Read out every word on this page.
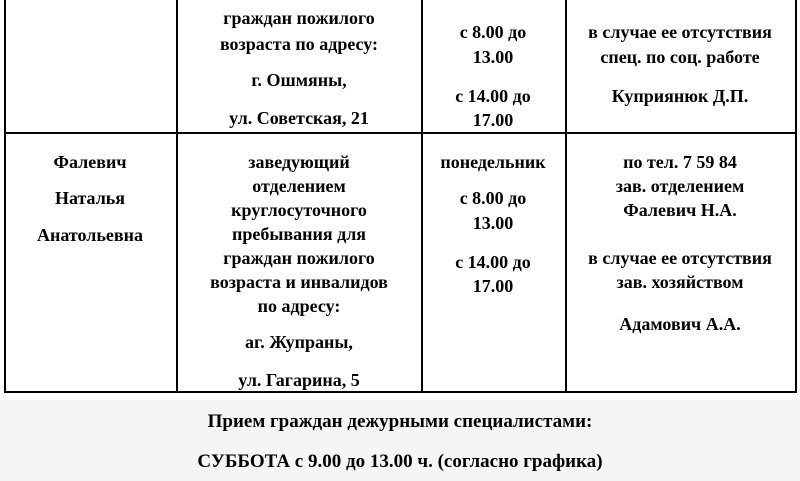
граждан пожилого
возраста по адресу:
г. Ошмяны,
ул. Советская, 21
с 8.00 до
13.00
с 14.00 до
17.00
в случае ее отсутствия
спец. по соц. работе
Куприянюк Д.П.
Фалевич
Наталья
Анатольевна
заведующий
отделением
круглосуточного
пребывания для
граждан пожилого
возраста и инвалидов
по адресу:
аг. Жупраны,
ул. Гагарина, 5
понедельник
с 8.00 до
13.00
с 14.00 до
17.00
по тел. 7 59 84
зав. отделением
Фалевич Н.А.
в случае ее отсутствия
зав. хозяйством
Адамович А.А.
Прием граждан дежурными специалистами:
СУББОТА с 9.00 до 13.00 ч. (согласно графика)
